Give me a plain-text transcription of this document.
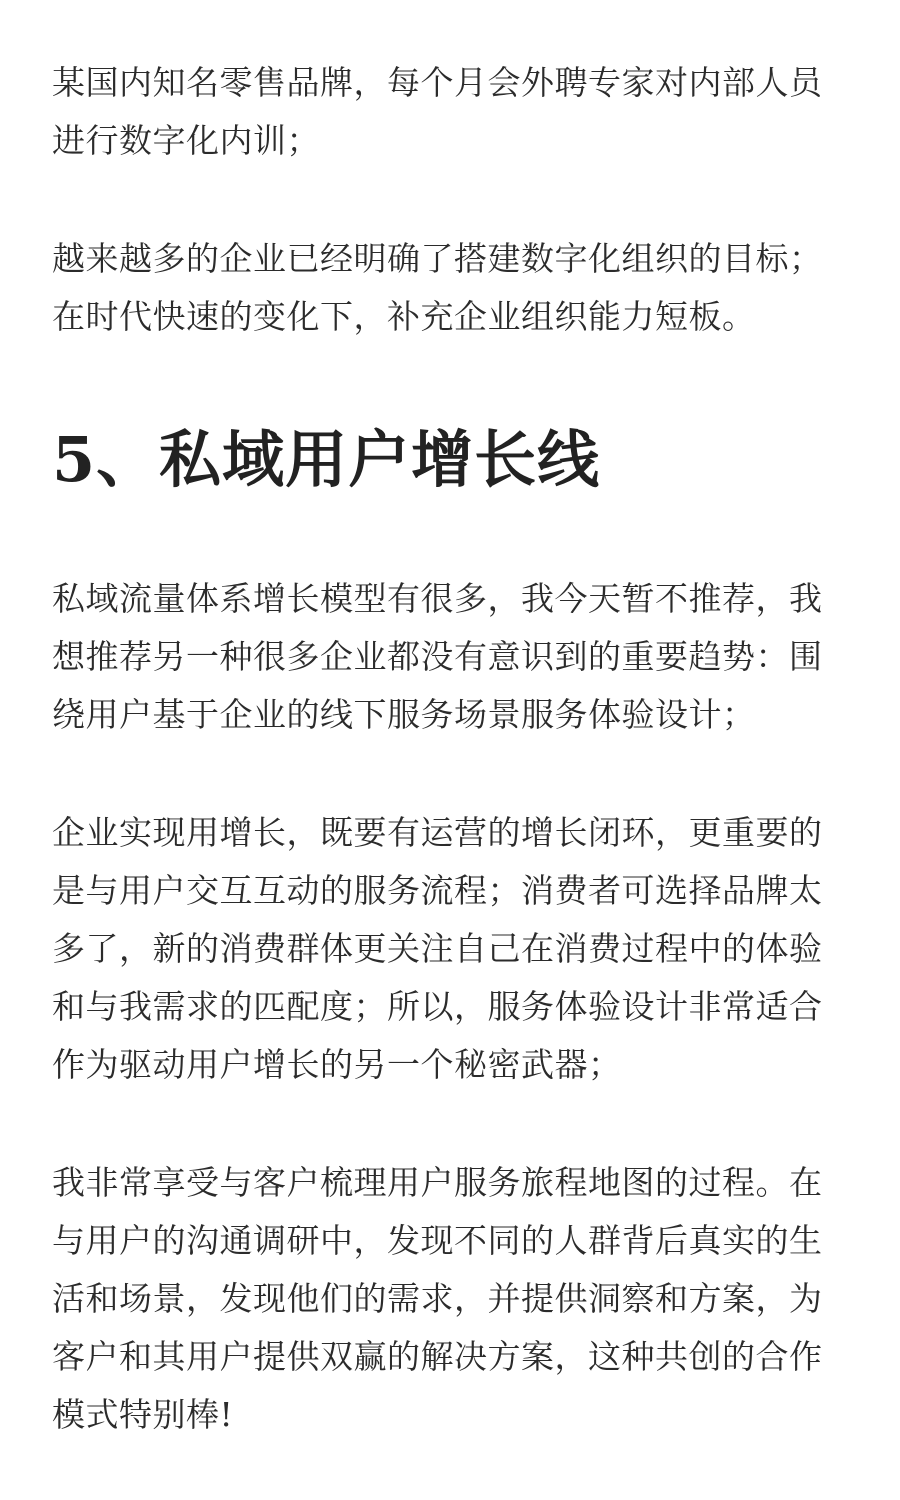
某国内知名零售品牌，每个月会外聘专家对内部人员进行数字化内训；

越来越多的企业已经明确了搭建数字化组织的目标；在时代快速的变化下，补充企业组织能力短板。

5、私域用户增长线

私域流量体系增长模型有很多，我今天暂不推荐，我想推荐另一种很多企业都没有意识到的重要趋势：围绕用户基于企业的线下服务场景服务体验设计；

企业实现用增长，既要有运营的增长闭环，更重要的是与用户交互互动的服务流程；消费者可选择品牌太多了，新的消费群体更关注自己在消费过程中的体验和与我需求的匹配度；所以，服务体验设计非常适合作为驱动用户增长的另一个秘密武器；

我非常享受与客户梳理用户服务旅程地图的过程。在与用户的沟通调研中，发现不同的人群背后真实的生活和场景，发现他们的需求，并提供洞察和方案，为客户和其用户提供双赢的解决方案，这种共创的合作模式特别棒!
